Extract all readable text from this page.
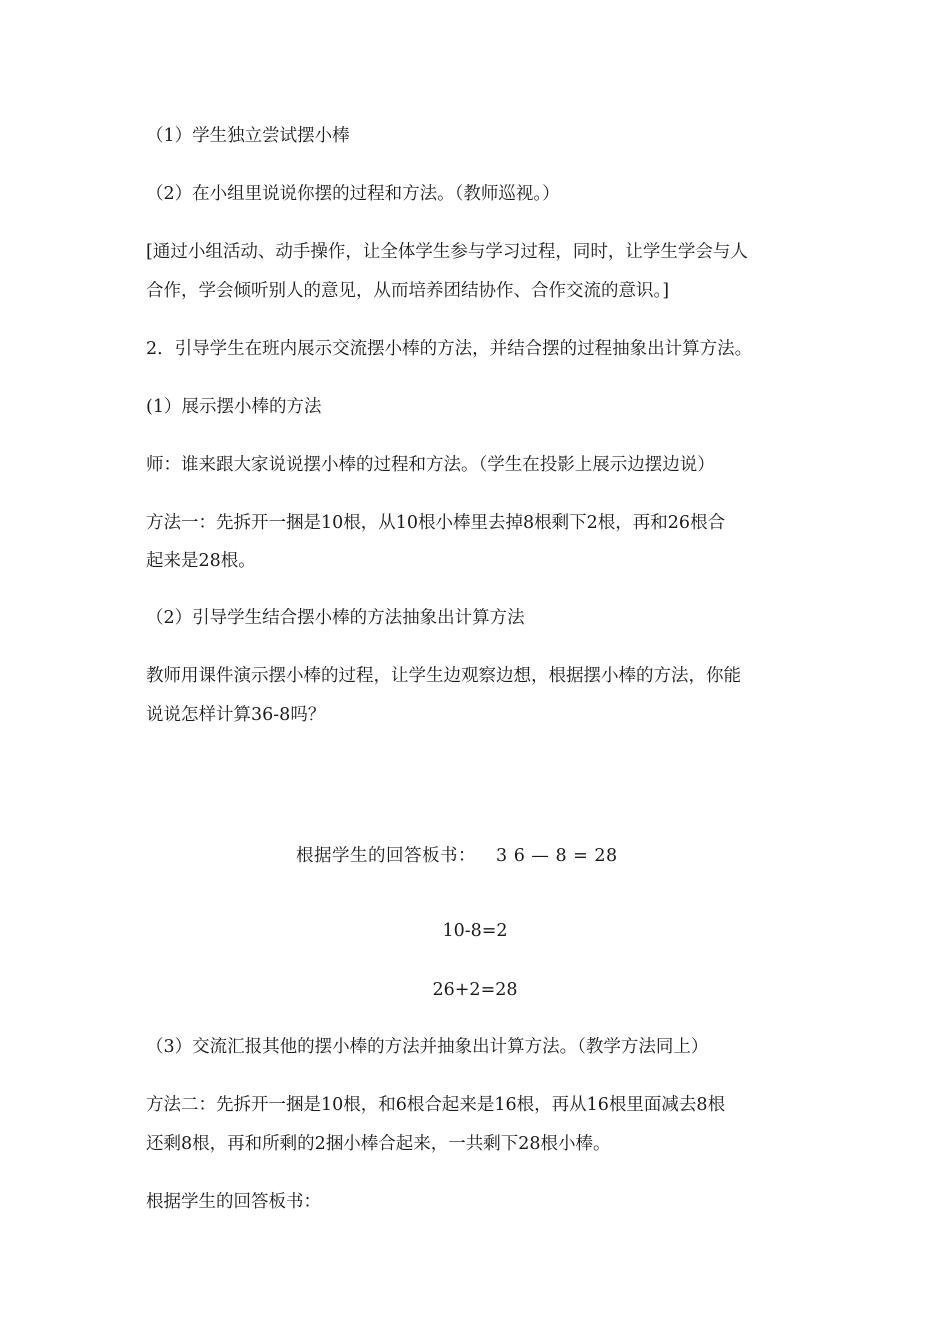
（1）学生独立尝试摆小棒
（2）在小组里说说你摆的过程和方法。（教师巡视。）
[通过小组活动、动手操作，让全体学生参与学习过程，同时，让学生学会与人
合作，学会倾听别人的意见，从而培养团结协作、合作交流的意识。]
2．引导学生在班内展示交流摆小棒的方法，并结合摆的过程抽象出计算方法。
(1）展示摆小棒的方法
师：谁来跟大家说说摆小棒的过程和方法。（学生在投影上展示边摆边说）
方法一：先拆开一捆是10根，从10根小棒里去掉8根剩下2根，再和26根合
起来是28根。
（2）引导学生结合摆小棒的方法抽象出计算方法
教师用课件演示摆小棒的过程，让学生边观察边想，根据摆小棒的方法，你能
说说怎样计算36-8吗？
根据学生的回答板书： 3 6 — 8 = 28
10-8=2
26+2=28
（3）交流汇报其他的摆小棒的方法并抽象出计算方法。（教学方法同上）
方法二：先拆开一捆是10根，和6根合起来是16根，再从16根里面减去8根
还剩8根，再和所剩的2捆小棒合起来，一共剩下28根小棒。
根据学生的回答板书：
